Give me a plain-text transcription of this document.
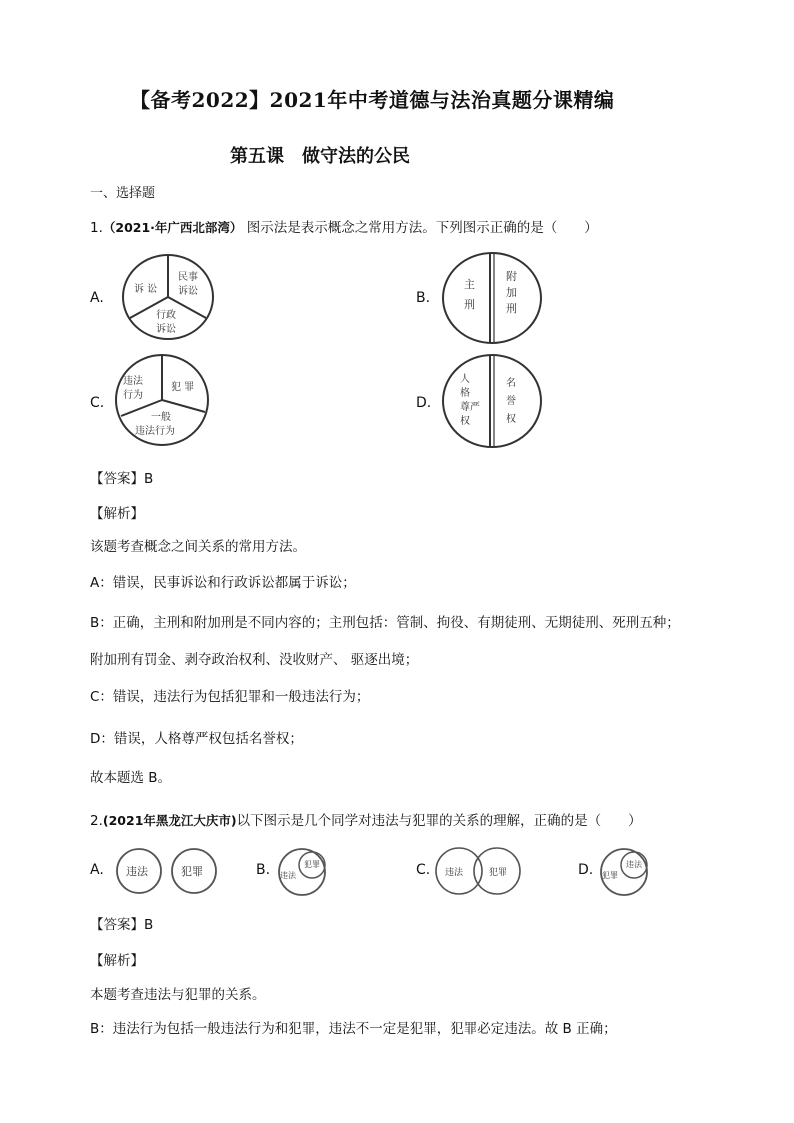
【备考2022】2021年中考道德与法治真题分课精编
第五课 做守法的公民
一、选择题
1.（2021·年广西北部湾） 图示法是表示概念之常用方法。下列图示正确的是（　　）
A.
诉 讼
民事
诉讼
行政
诉讼
B.
主
刑
附
加
刑
C.
违法
行为
犯 罪
一般
违法行为
D.
人
格
尊 严
权
名
誉
权
【答案】B
【解析】
该题考查概念之间关系的常用方法。
A：错误，民事诉讼和行政诉讼都属于诉讼；
B：正确，主刑和附加刑是不同内容的；主刑包括：管制、拘役、有期徒刑、无期徒刑、死刑五种；
附加刑有罚金、剥夺政治权利、没收财产、 驱逐出境；
C：错误，违法行为包括犯罪和一般违法行为；
D：错误，人格尊严权包括名誉权；
故本题选 B。
2.(2021年黑龙江大庆市)以下图示是几个同学对违法与犯罪的关系的理解，正确的是（　　）
A. 违法	犯罪	B. 违法
犯罪	C. 违法	犯罪	D. 犯罪
违法
【答案】B
【解析】
本题考查违法与犯罪的关系。
B：违法行为包括一般违法行为和犯罪，违法不一定是犯罪，犯罪必定违法。故 B 正确；
